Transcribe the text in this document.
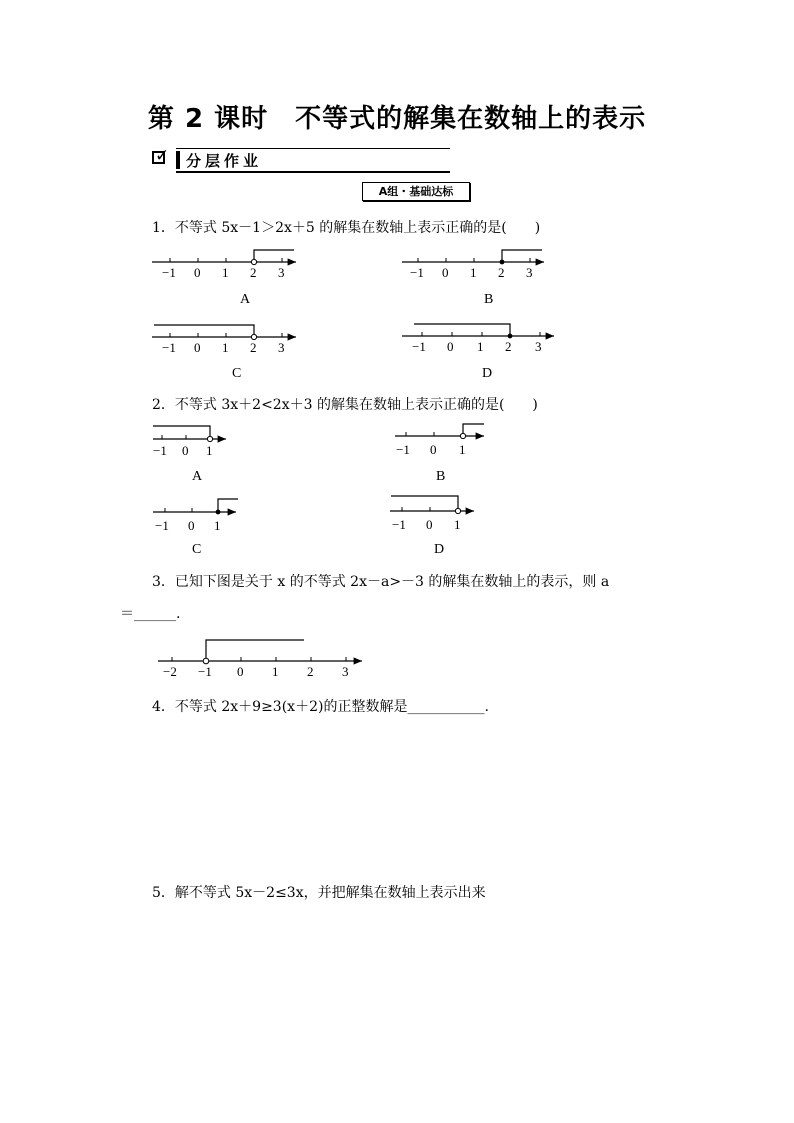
第 2 课时　不等式的解集在数轴上的表示
✓ 分层作业
A组・基础达标
1．不等式 5x－1＞2x＋5 的解集在数轴上表示正确的是(　　)
−1 0 1 2 3	−1 0 1 2 3
−1 0 1 2 3	−1 0 1 2 3
−1 0 1	−1 0 1
−1 0 1	−1 0 1
−2 −1 0 1 2 3
A	B
C	D
2．不等式 3x＋2<2x＋3 的解集在数轴上表示正确的是(　　)
A	B
C	D
3．已知下图是关于 x 的不等式 2x－a>－3 的解集在数轴上的表示，则 a
＝______.
4．不等式 2x＋9≥3(x＋2)的正整数解是___________.
5．解不等式 5x－2≤3x，并把解集在数轴上表示出来
